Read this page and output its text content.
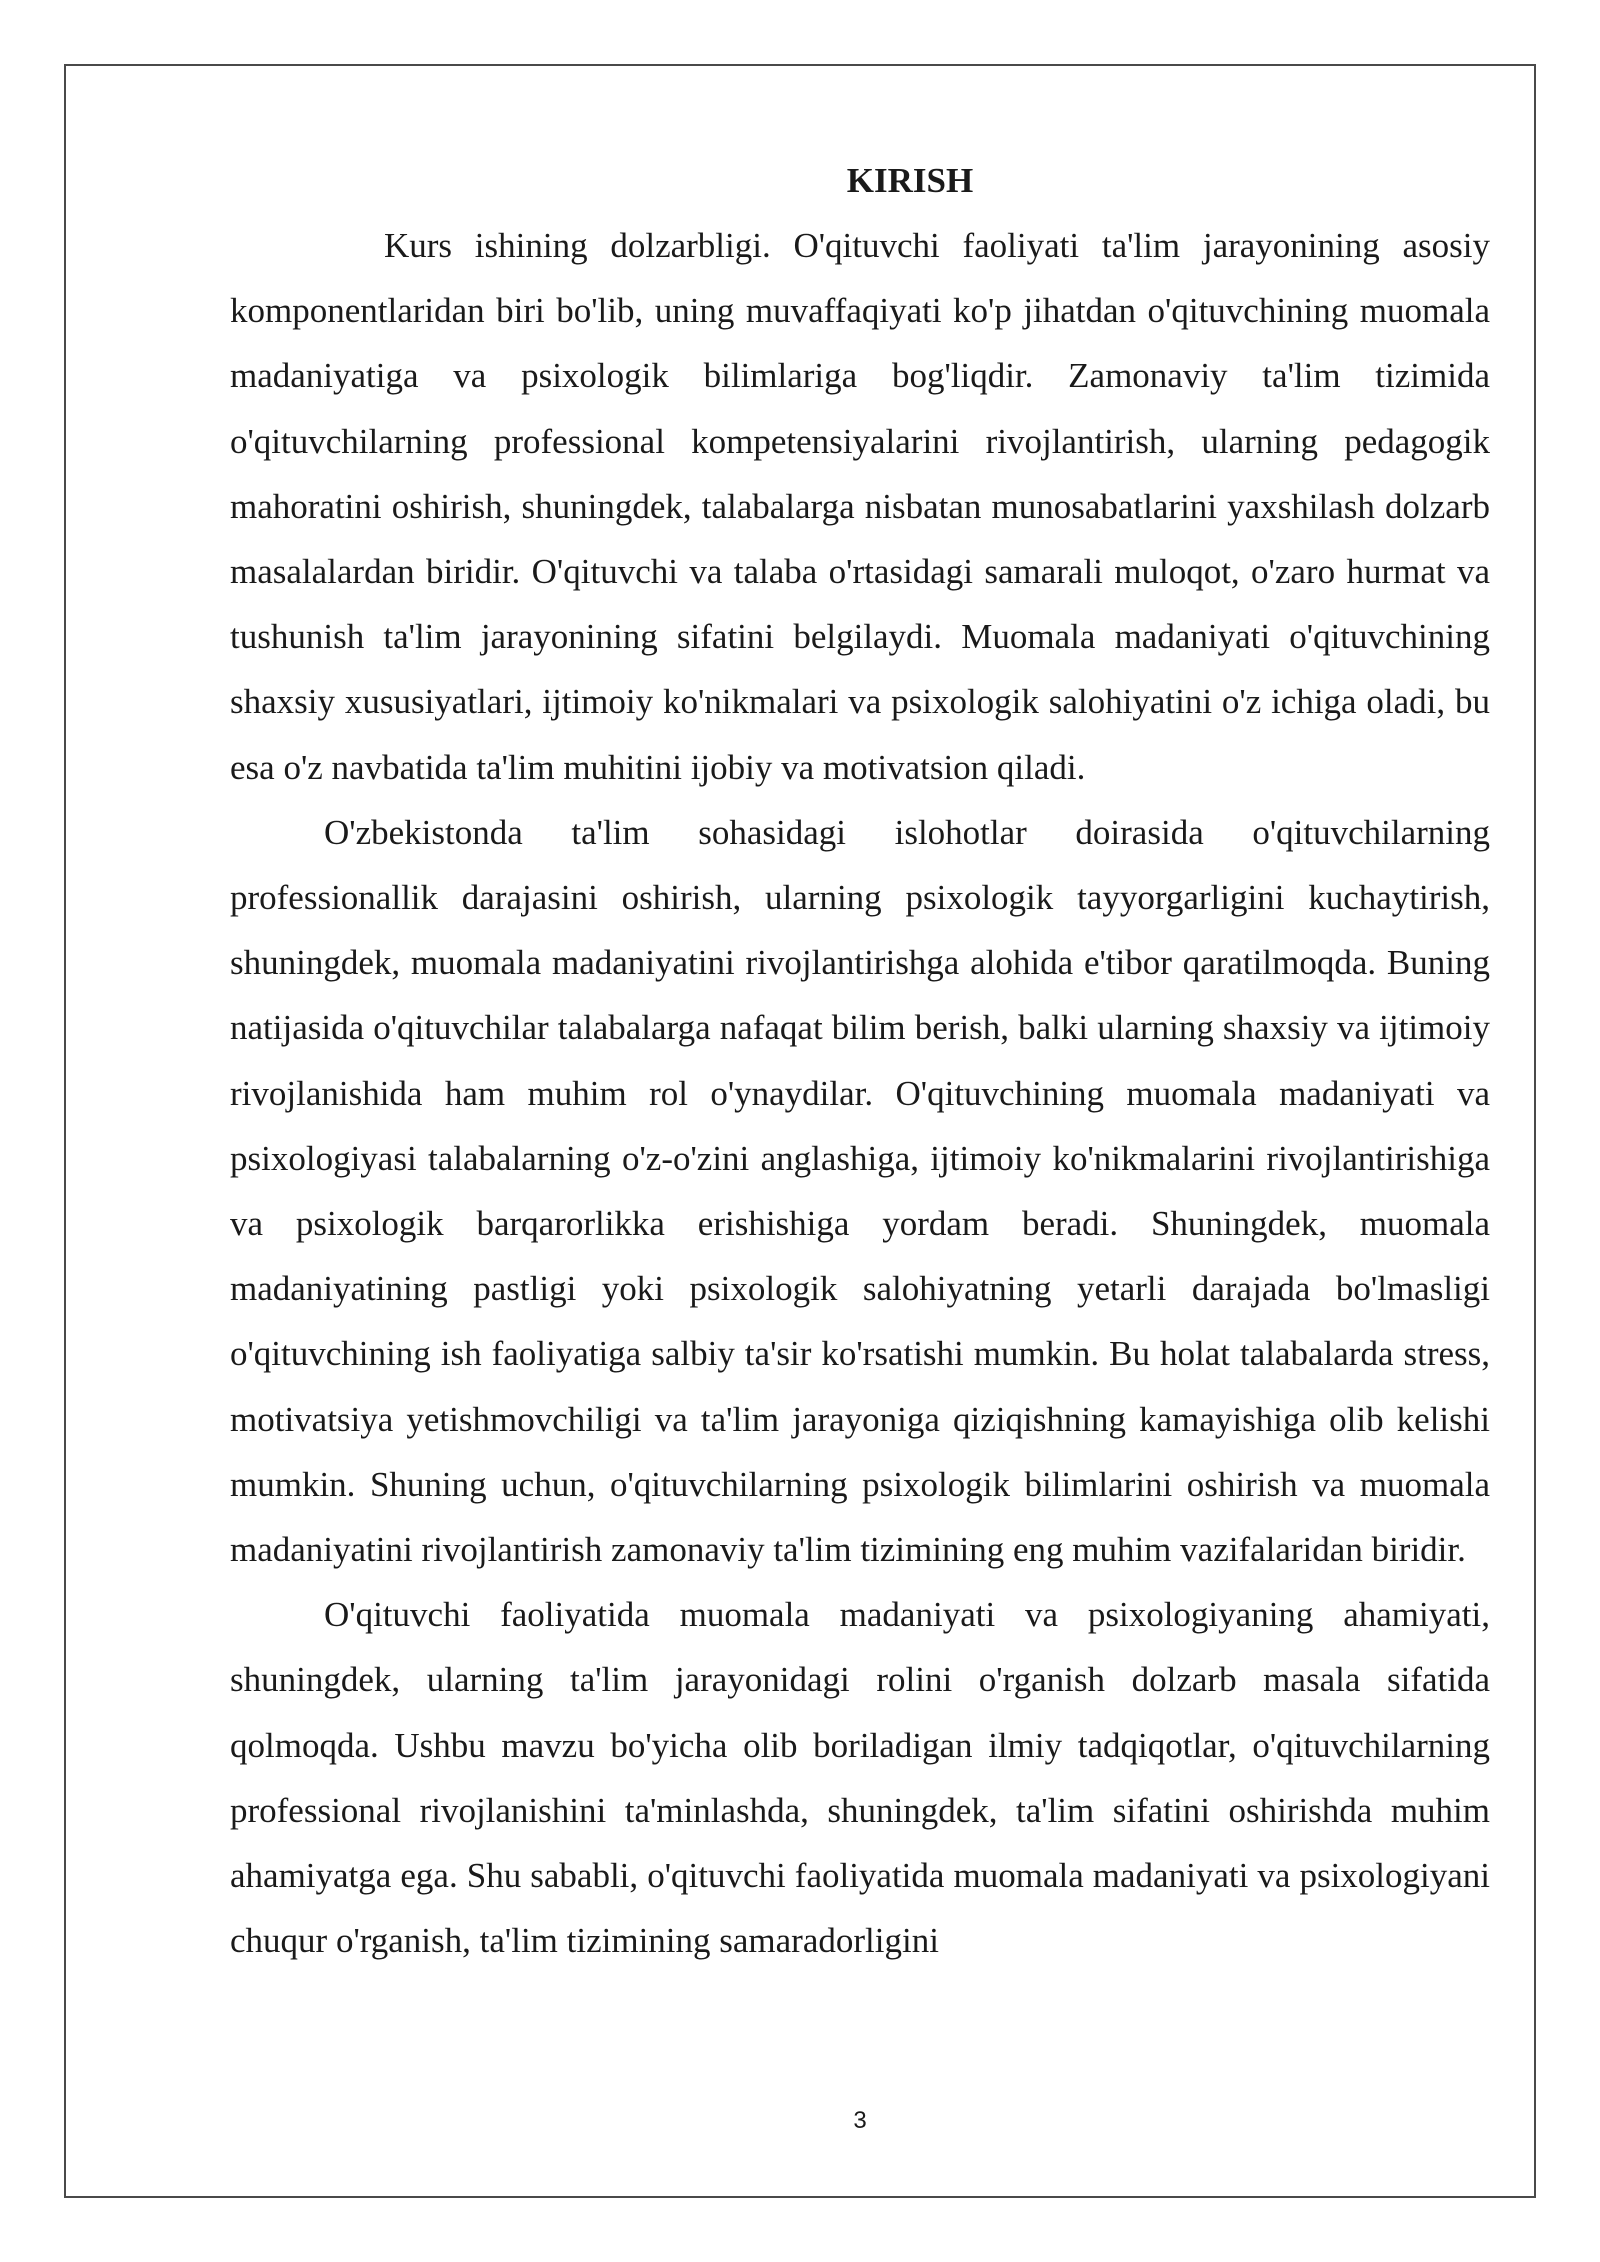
KIRISH

Kurs ishining dolzarbligi. O'qituvchi faoliyati ta'lim jarayonining asosiy komponentlaridan biri bo'lib, uning muvaffaqiyati ko'p jihatdan o'qituvchining muomala madaniyatiga va psixologik bilimlariga bog'liqdir. Zamonaviy ta'lim tizimida o'qituvchilarning professional kompetensiyalarini rivojlantirish, ularning pedagogik mahoratini oshirish, shuningdek, talabalarga nisbatan munosabatlarini yaxshilash dolzarb masalalardan biridir. O'qituvchi va talaba o'rtasidagi samarali muloqot, o'zaro hurmat va tushunish ta'lim jarayonining sifatini belgilaydi. Muomala madaniyati o'qituvchining shaxsiy xususiyatlari, ijtimoiy ko'nikmalari va psixologik salohiyatini o'z ichiga oladi, bu esa o'z navbatida ta'lim muhitini ijobiy va motivatsion qiladi.

O'zbekistonda ta'lim sohasidagi islohotlar doirasida o'qituvchilarning professionallik darajasini oshirish, ularning psixologik tayyorgarligini kuchaytirish, shuningdek, muomala madaniyatini rivojlantirishga alohida e'tibor qaratilmoqda. Buning natijasida o'qituvchilar talabalarga nafaqat bilim berish, balki ularning shaxsiy va ijtimoiy rivojlanishida ham muhim rol o'ynaydilar. O'qituvchining muomala madaniyati va psixologiyasi talabalarning o'z-o'zini anglashiga, ijtimoiy ko'nikmalarini rivojlantirishiga va psixologik barqarorlikka erishishiga yordam beradi. Shuningdek, muomala madaniyatining pastligi yoki psixologik salohiyatning yetarli darajada bo'lmasligi o'qituvchining ish faoliyatiga salbiy ta'sir ko'rsatishi mumkin. Bu holat talabalarda stress, motivatsiya yetishmovchiligi va ta'lim jarayoniga qiziqishning kamayishiga olib kelishi mumkin. Shuning uchun, o'qituvchilarning psixologik bilimlarini oshirish va muomala madaniyatini rivojlantirish zamonaviy ta'lim tizimining eng muhim vazifalaridan biridir.

O'qituvchi faoliyatida muomala madaniyati va psixologiyaning ahamiyati, shuningdek, ularning ta'lim jarayonidagi rolini o'rganish dolzarb masala sifatida qolmoqda. Ushbu mavzu bo'yicha olib boriladigan ilmiy tadqiqotlar, o'qituvchilarning professional rivojlanishini ta'minlashda, shuningdek, ta'lim sifatini oshirishda muhim ahamiyatga ega. Shu sababli, o'qituvchi faoliyatida muomala madaniyati va psixologiyani chuqur o'rganish, ta'lim tizimining samaradorligini

3
